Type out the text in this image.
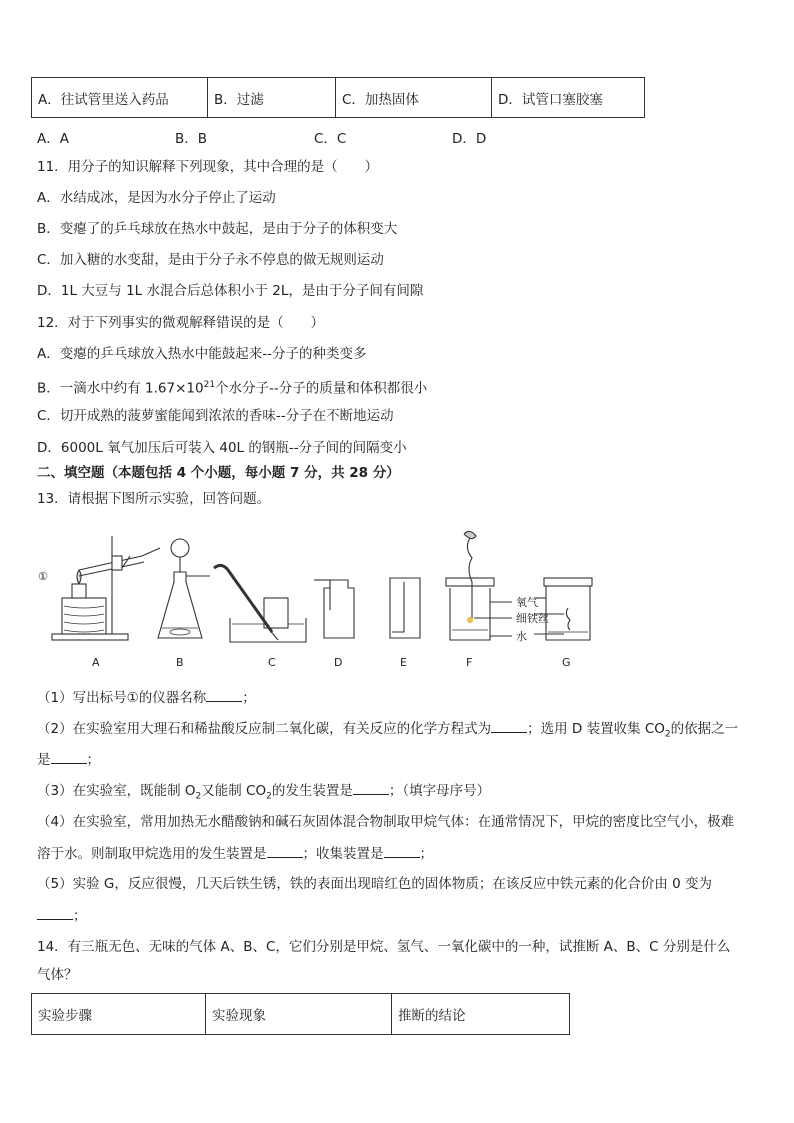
A．往试管里送入药品	B．过滤	C．加热固体	D．试管口塞胶塞
A．A	B．B	C．C	D．D
11．用分子的知识解释下列现象，其中合理的是（　　）
A．水结成冰，是因为水分子停止了运动
B．变瘪了的乒乓球放在热水中鼓起，是由于分子的体积变大
C．加入糖的水变甜，是由于分子永不停息的做无规则运动
D．1L 大豆与 1L 水混合后总体积小于 2L，是由于分子间有间隙
12．对于下列事实的微观解释错误的是（　　）
A．变瘪的乒乓球放入热水中能鼓起来--分子的种类变多
B．一滴水中约有 $1.67\times 10^{21}$个水分子--分子的质量和体积都很小
C．切开成熟的菠萝蜜能闻到浓浓的香味--分子在不断地运动
D．6000L 氧气加压后可装入 40L 的钢瓶--分子间的间隔变小
二、填空题（本题包括 4 个小题，每小题 7 分，共 28 分）
13．请根据下图所示实验，回答问题。
①
氧气
细铁丝
水
A	B	C	D	E	F	G
（1）写出标号①的仪器名称	；
（2）在实验室用大理石和稀盐酸反应制二氧化碳，有关反应的化学方程式为	；选用 D 装置收集 $CO_2$的依据之一
是	；
（3）在实验室，既能制 $O_2$又能制 $CO_2$的发生装置是	；（填字母序号）
（4）在实验室，常用加热无水醋酸钠和碱石灰固体混合物制取甲烷气体：在通常情况下，甲烷的密度比空气小，极难
溶于水。则制取甲烷选用的发生装置是	；收集装置是	；
（5）实验 G，反应很慢，几天后铁生锈，铁的表面出现暗红色的固体物质；在该反应中铁元素的化合价由 0 变为
；
14．有三瓶无色、无味的气体 A、B、C，它们分别是甲烷、氢气、一氧化碳中的一种，试推断 A、B、C 分别是什么
气体？
实验步骤	实验现象	推断的结论
